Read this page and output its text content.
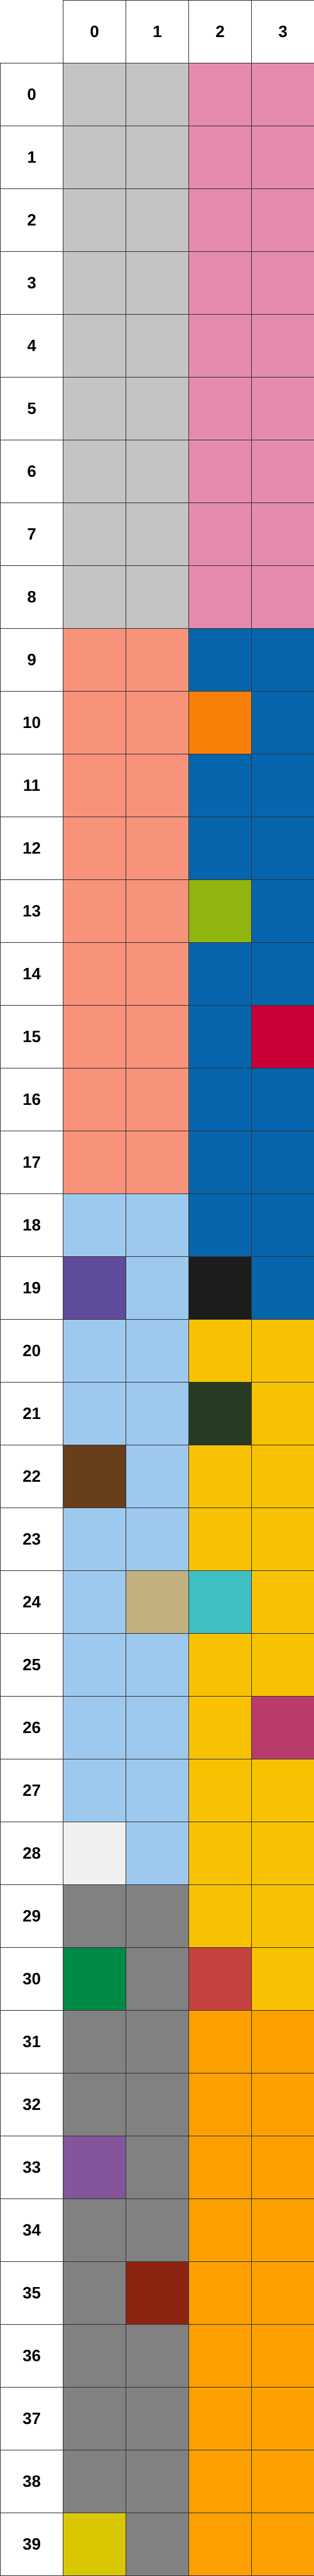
	0	1	2	3
0				
1				
2				
3				
4				
5				
6				
7				
8				
9				
10				
11				
12				
13				
14				
15				
16				
17				
18				
19				
20				
21				
22				
23				
24				
25				
26				
27				
28				
29				
30				
31				
32				
33				
34				
35				
36				
37				
38				
39				
